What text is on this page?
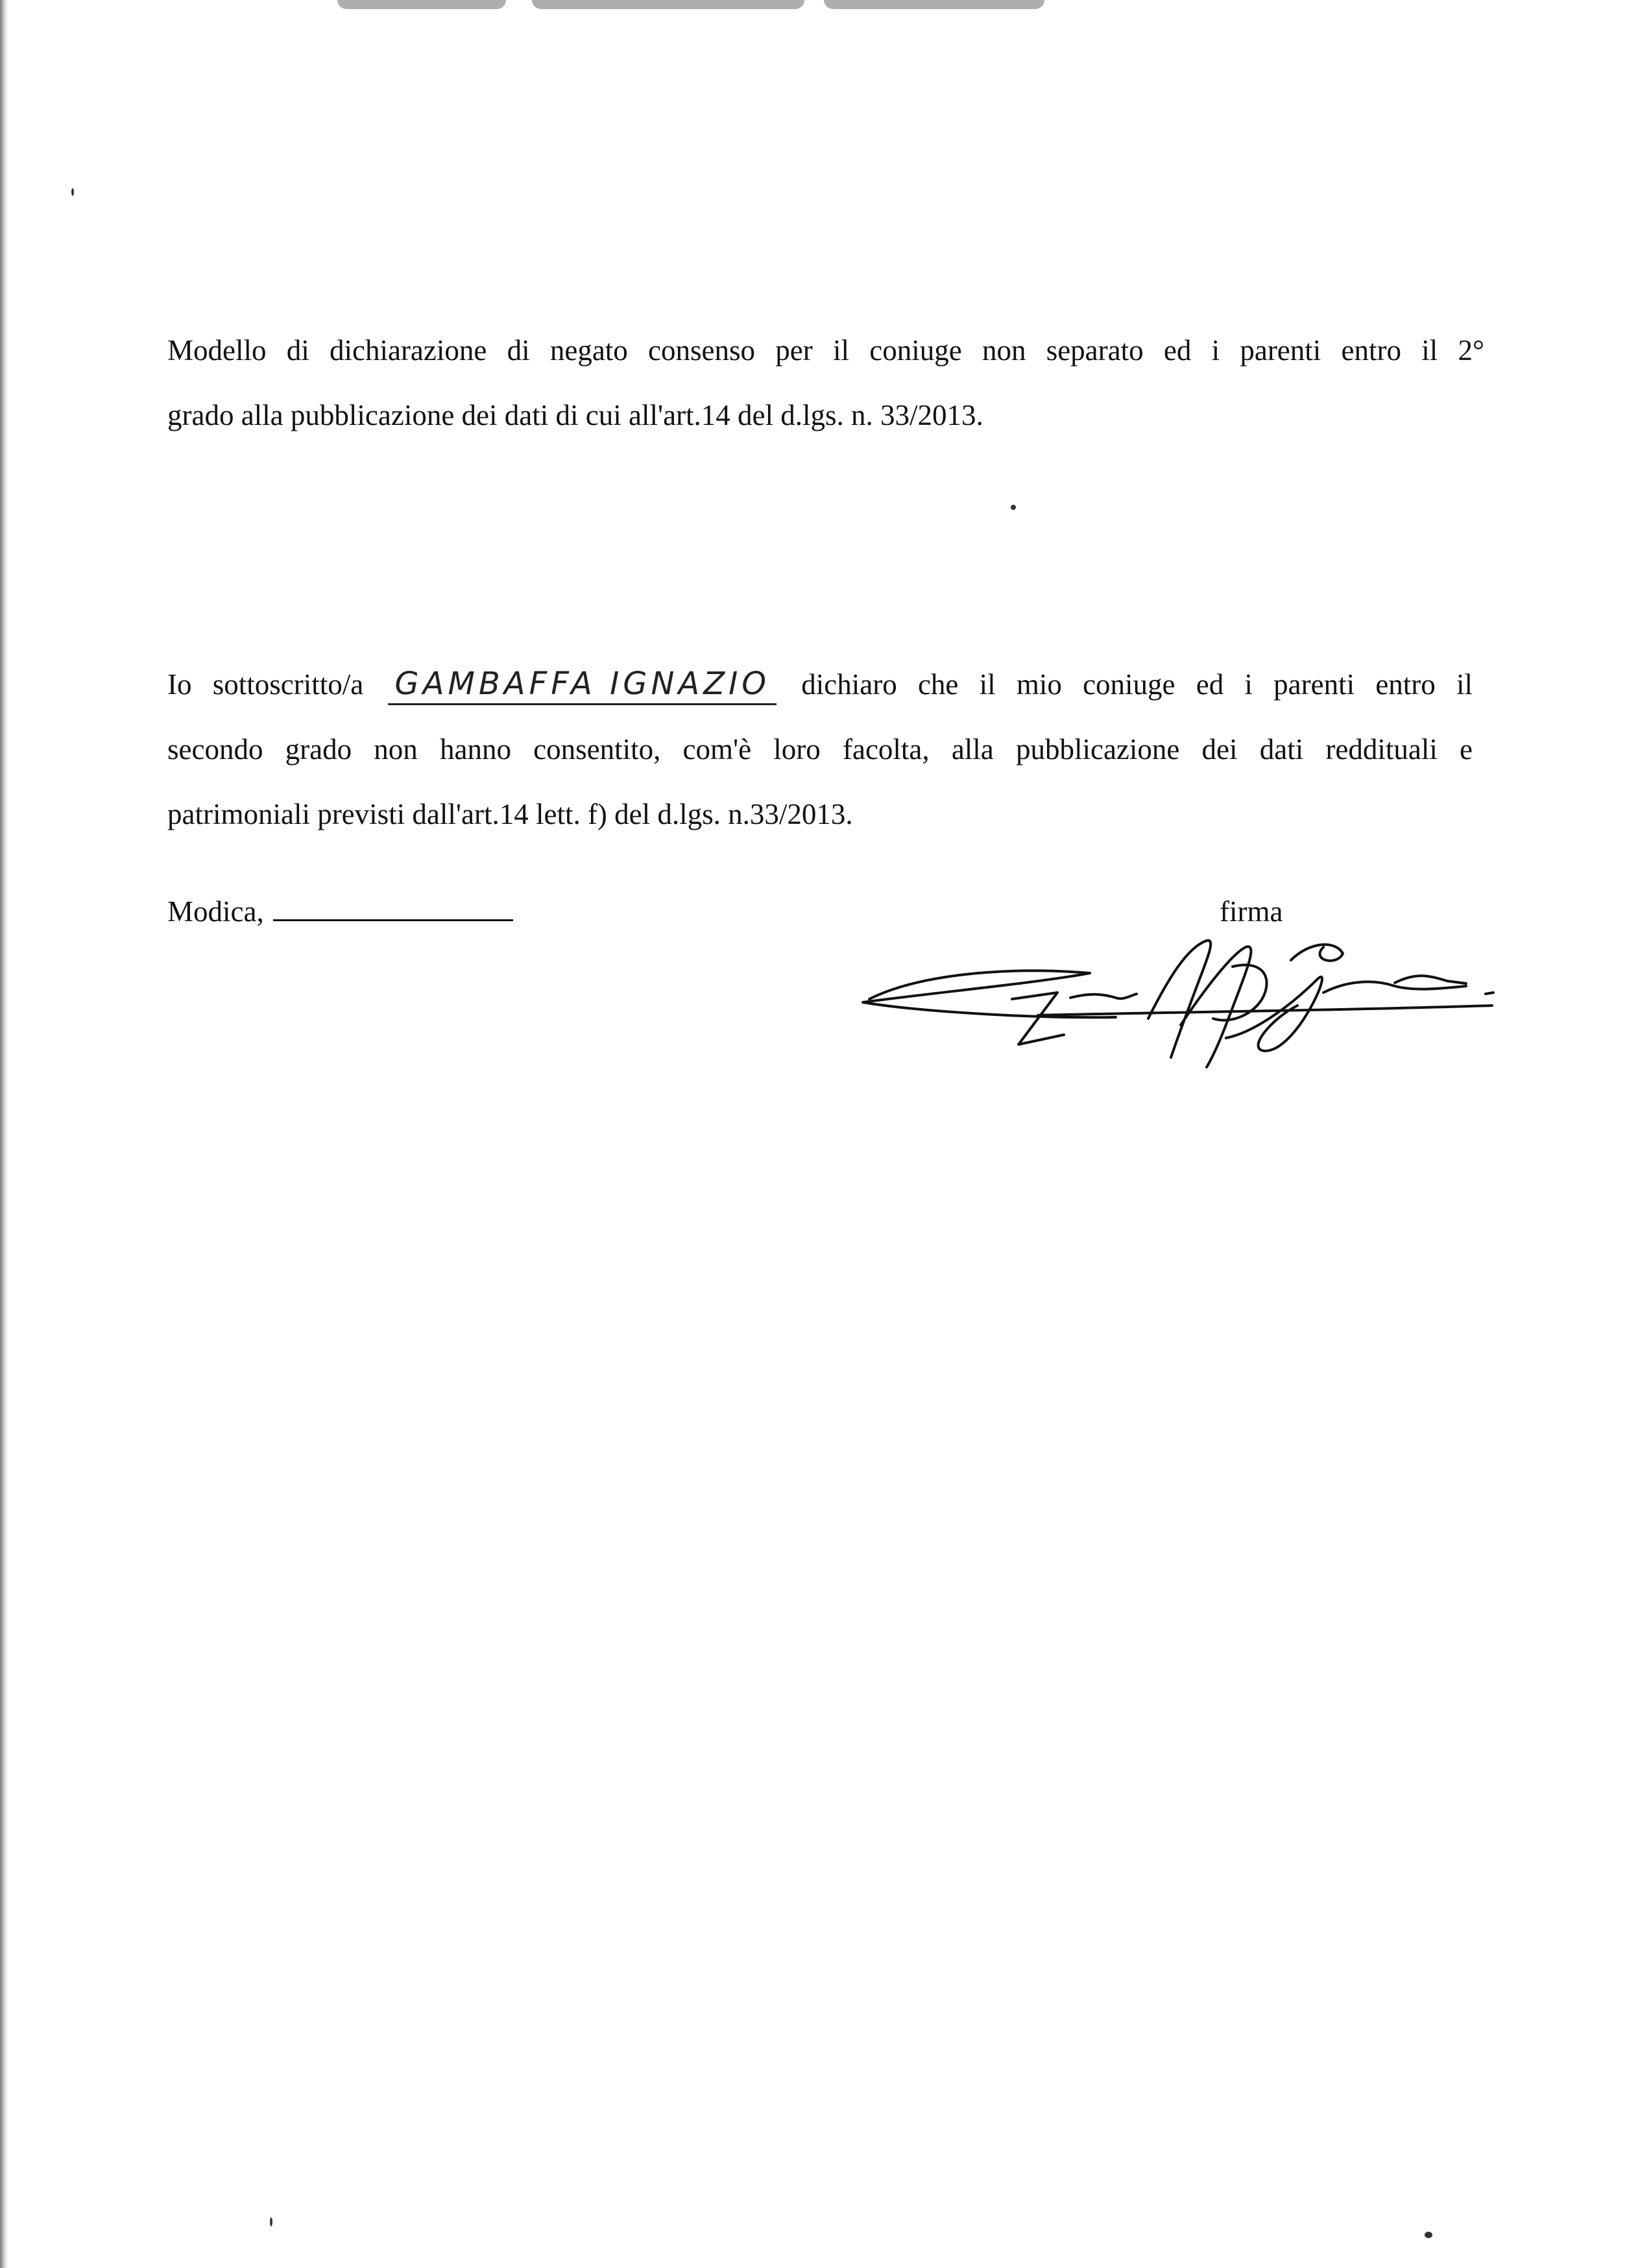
Modello di dichiarazione di negato consenso per il coniuge non separato ed i parenti entro il 2°
grado alla pubblicazione dei dati di cui all'art.14 del d.lgs. n. 33/2013.
Io sottoscritto/a GAMBAFFA IGNAZIO dichiaro che il mio coniuge ed i parenti entro il
secondo grado non hanno consentito, com'è loro facolta, alla pubblicazione dei dati reddituali e
patrimoniali previsti dall'art.14 lett. f) del d.lgs. n.33/2013.
Modica,	firma
